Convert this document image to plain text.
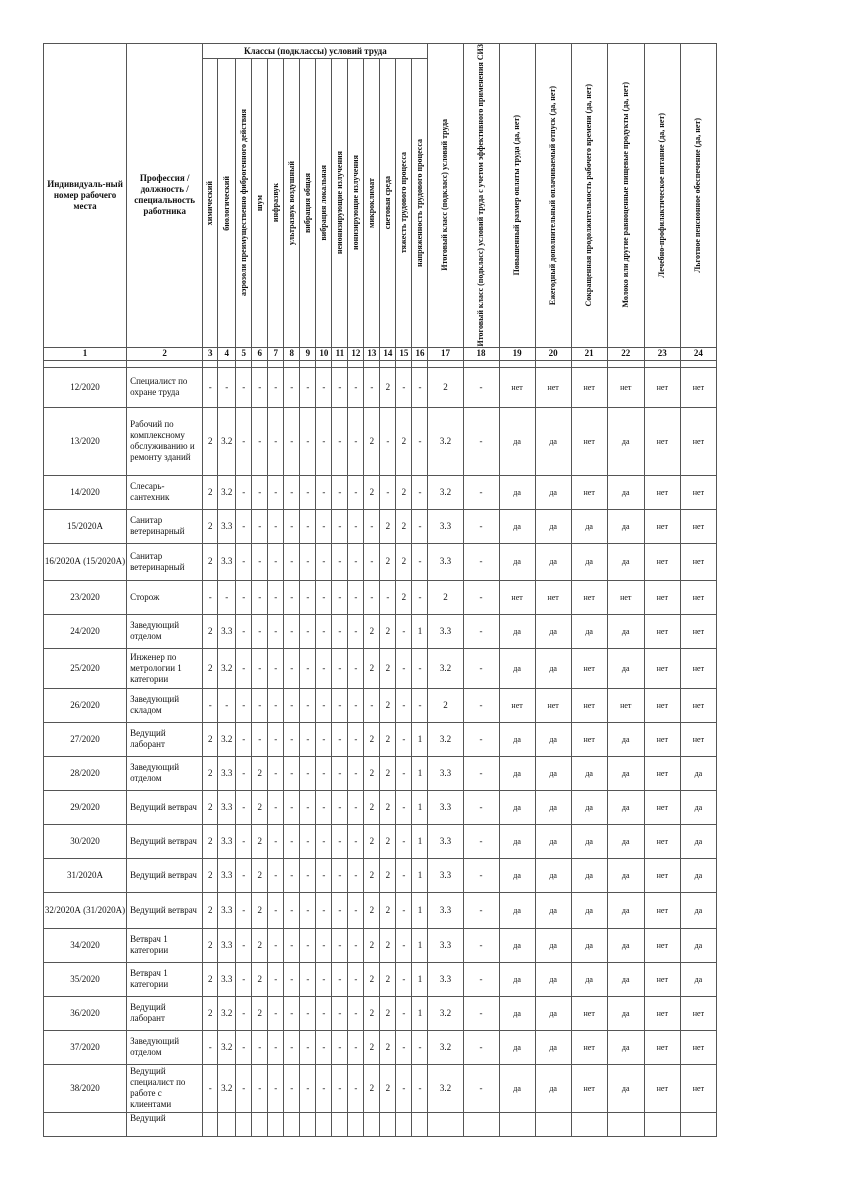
Индивидуаль-ный номер рабочего места	Профессия / должность / специальность работника	Классы (подклассы) условий труда														Итоговый класс (подкласс) условий труда	Итоговый класс (подкласс) условий труда с учетом эффективного применения СИЗ	Повышенный размер оплаты труда (да, нет)	Ежегодный дополнительный оплачиваемый отпуск (да, нет)	Сокращенная продолжительность рабочего времени (да, нет)	Молоко или другие равноценные пищевые продукты (да, нет)	Лечебно-профилактическое питание (да, нет)	Льготное пенсионное обеспечение (да, нет)

		химический	биологический	аэрозоли преимущественно фиброгенного действия	шум	инфразвук	ультразвук воздушный	вибрация общая	вибрация локальная	неионизирующие излучения	ионизирующие излучения	микроклимат	световая среда	тяжесть трудового процесса	напряженность трудового процесса								

1	2	3	4	5	6	7	8	9	10	11	12	13	14	15	16	17	18	19	20	21	22	23	24

12/2020	Специалист по охране труда	-	-	-	-	-	-	-	-	-	-	-	2	-	-	2	-	нет	нет	нет	нет	нет	нет
13/2020	Рабочий по комплексному обслуживанию и ремонту зданий	2	3.2	-	-	-	-	-	-	-	-	2	-	2	-	3.2	-	да	да	нет	да	нет	нет
14/2020	Слесарь-сантехник	2	3.2	-	-	-	-	-	-	-	-	2	-	2	-	3.2	-	да	да	нет	да	нет	нет
15/2020А	Санитар ветеринарный	2	3.3	-	-	-	-	-	-	-	-	-	2	2	-	3.3	-	да	да	да	да	нет	нет
16/2020А (15/2020А)	Санитар ветеринарный	2	3.3	-	-	-	-	-	-	-	-	-	2	2	-	3.3	-	да	да	да	да	нет	нет
23/2020	Сторож	-	-	-	-	-	-	-	-	-	-	-	-	2	-	2	-	нет	нет	нет	нет	нет	нет
24/2020	Заведующий отделом	2	3.3	-	-	-	-	-	-	-	-	2	2	-	1	3.3	-	да	да	да	да	нет	нет
25/2020	Инженер по метрологии 1 категории	2	3.2	-	-	-	-	-	-	-	-	2	2	-	-	3.2	-	да	да	нет	да	нет	нет
26/2020	Заведующий складом	-	-	-	-	-	-	-	-	-	-	-	2	-	-	2	-	нет	нет	нет	нет	нет	нет
27/2020	Ведущий лаборант	2	3.2	-	-	-	-	-	-	-	-	2	2	-	1	3.2	-	да	да	нет	да	нет	нет
28/2020	Заведующий отделом	2	3.3	-	2	-	-	-	-	-	-	2	2	-	1	3.3	-	да	да	да	да	нет	да
29/2020	Ведущий ветврач	2	3.3	-	2	-	-	-	-	-	-	2	2	-	1	3.3	-	да	да	да	да	нет	да
30/2020	Ведущий ветврач	2	3.3	-	2	-	-	-	-	-	-	2	2	-	1	3.3	-	да	да	да	да	нет	да
31/2020А	Ведущий ветврач	2	3.3	-	2	-	-	-	-	-	-	2	2	-	1	3.3	-	да	да	да	да	нет	да
32/2020А (31/2020А)	Ведущий ветврач	2	3.3	-	2	-	-	-	-	-	-	2	2	-	1	3.3	-	да	да	да	да	нет	да
34/2020	Ветврач 1 категории	2	3.3	-	2	-	-	-	-	-	-	2	2	-	1	3.3	-	да	да	да	да	нет	да
35/2020	Ветврач 1 категории	2	3.3	-	2	-	-	-	-	-	-	2	2	-	1	3.3	-	да	да	да	да	нет	да
36/2020	Ведущий лаборант	2	3.2	-	2	-	-	-	-	-	-	2	2	-	1	3.2	-	да	да	нет	да	нет	нет
37/2020	Заведующий отделом	-	3.2	-	-	-	-	-	-	-	-	2	2	-	-	3.2	-	да	да	нет	да	нет	нет
38/2020	Ведущий специалист по работе с клиентами	-	3.2	-	-	-	-	-	-	-	-	2	2	-	-	3.2	-	да	да	нет	да	нет	нет
	Ведущий																						
